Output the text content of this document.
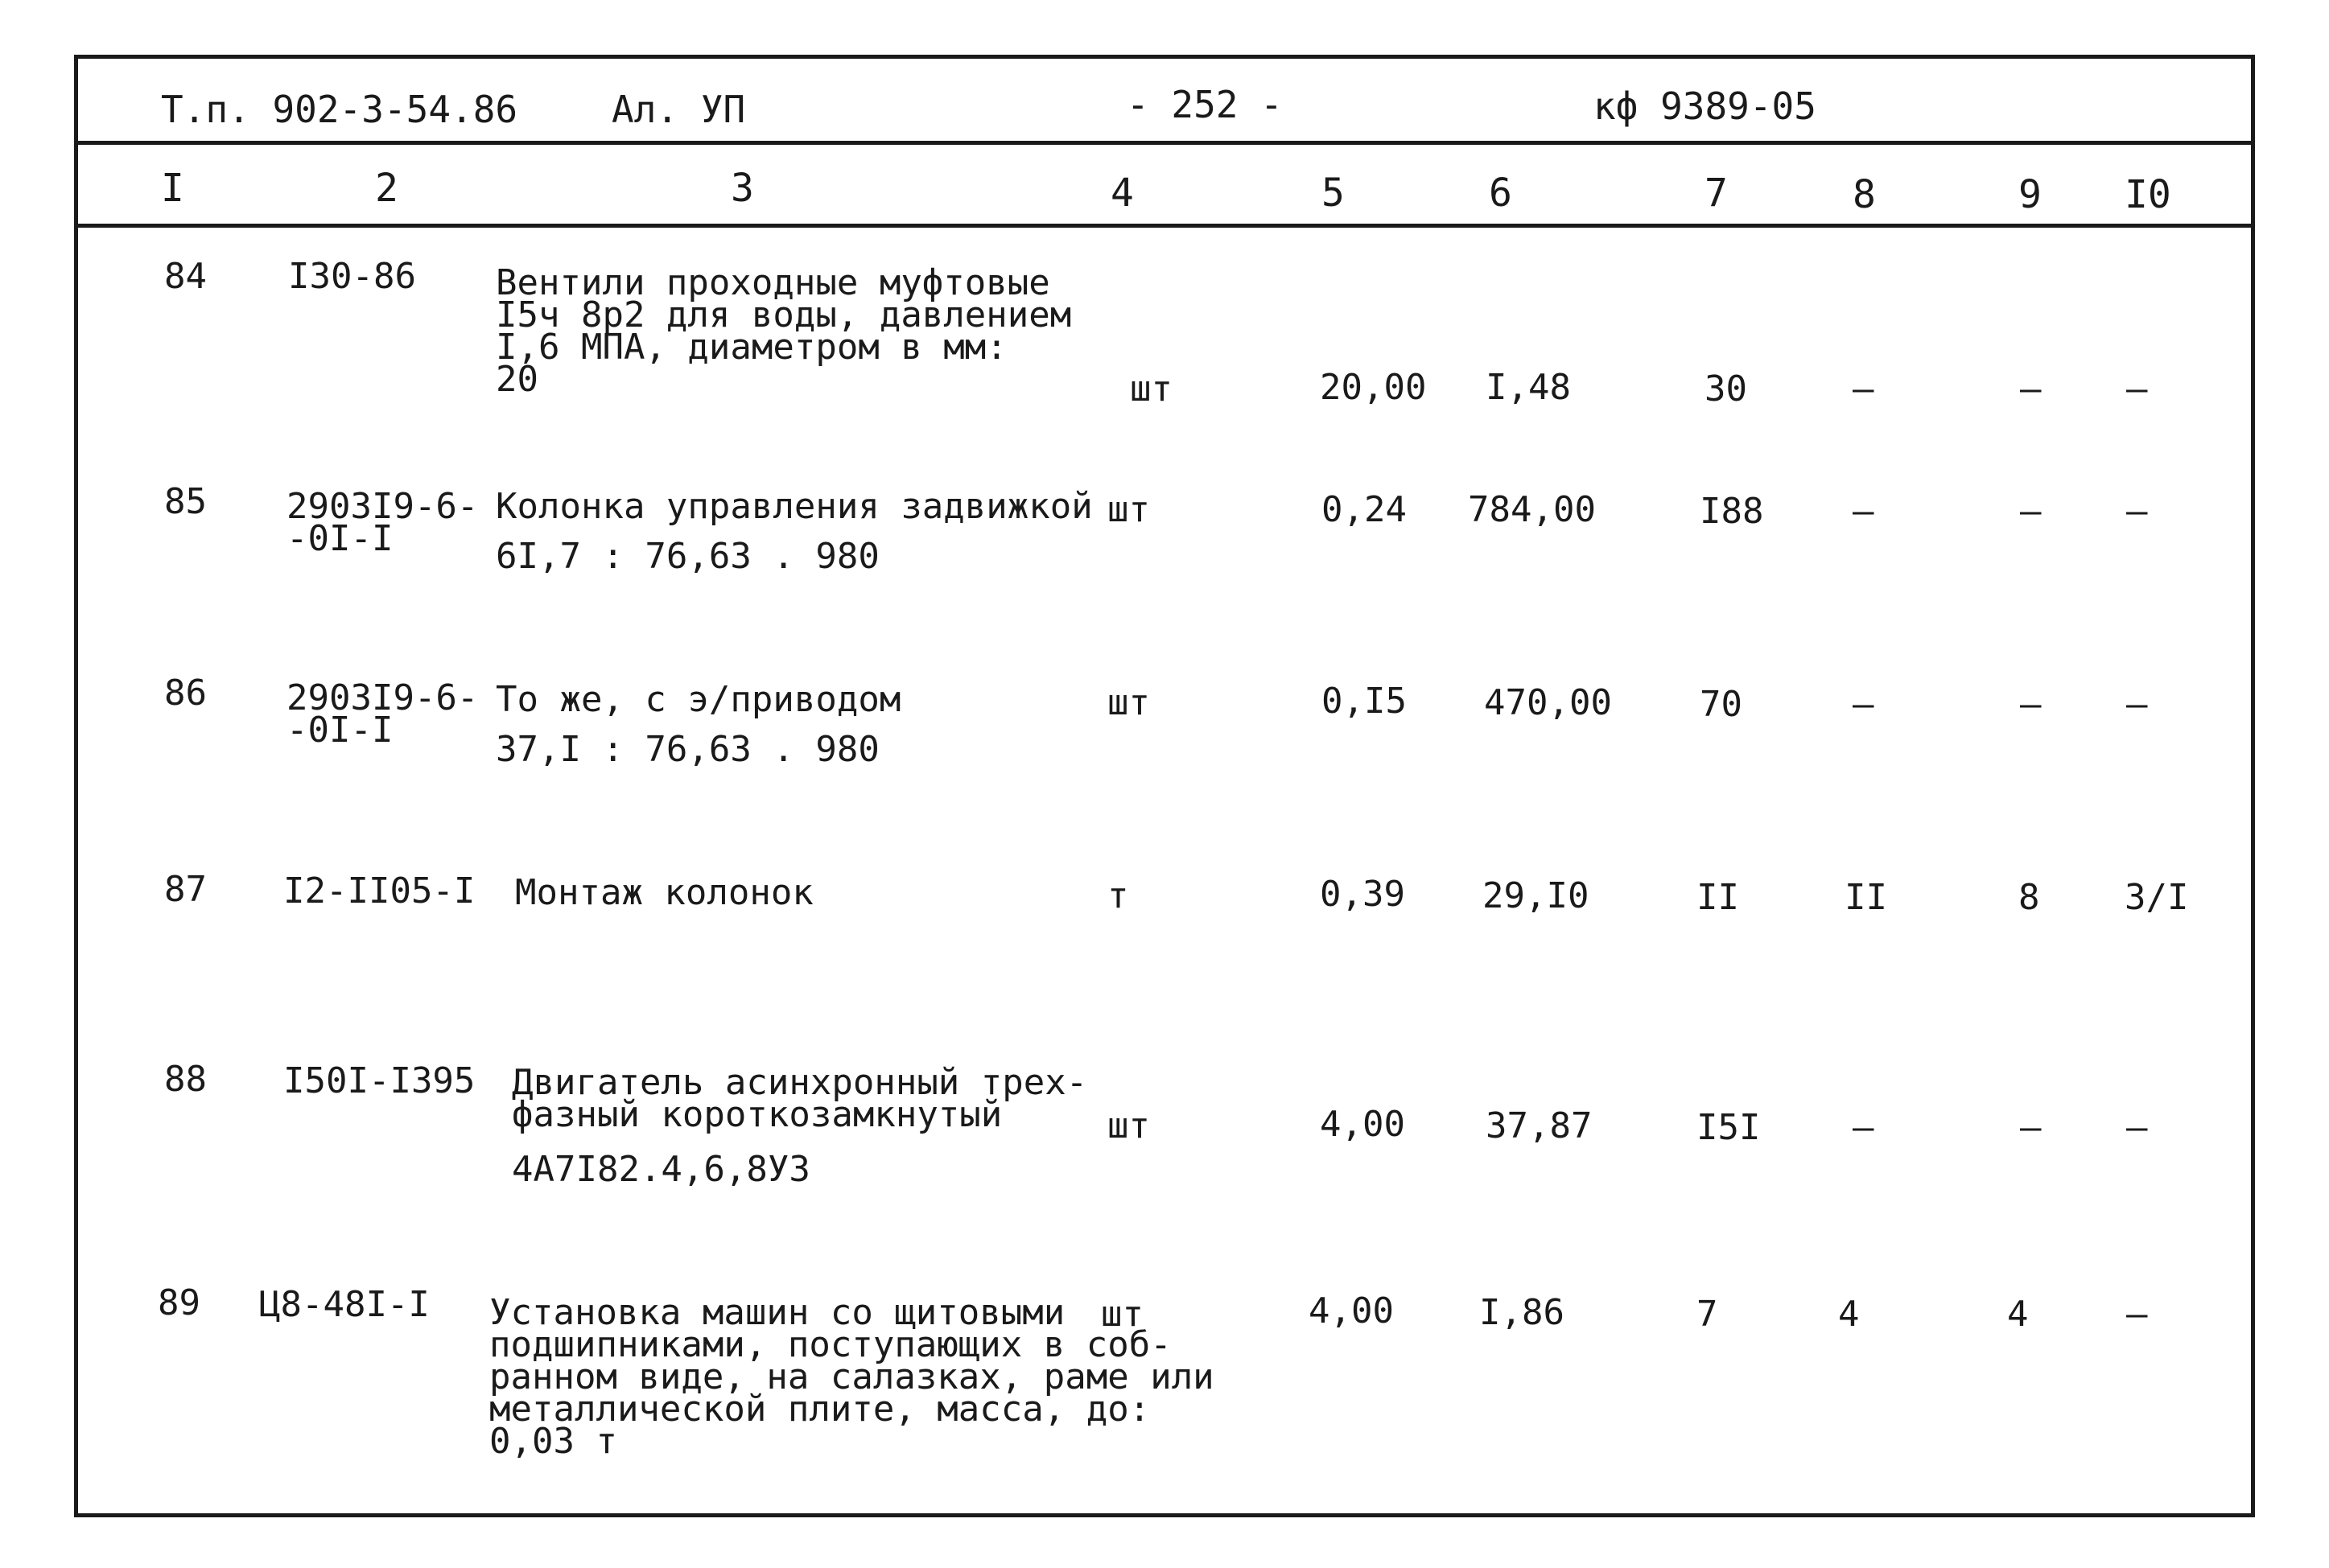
Т.п. 902-3-54.86	Ал. УП	- 252 -	кф 9389-05
I	2	3	4	5	6	7	8	9 I0
84 I30-86 Вентили проходные муфтовые
I5ч 8р2 для воды, давлением
I,6 МПА, диаметром в мм:
20	шт	20,00 I,48	30	–	– –
85 2903I9-6-
-0I-I
Колонка управления задвижкой
6I,7 : 76,63 . 980
шт	0,24 784,00	I88	–	– –
86 2903I9-6-
-0I-I
То же, с э/приводом
37,I : 76,63 . 980
шт	0,I5 470,00 70	–	– –
87 I2-II05-I Монтаж колонок	т	0,39 29,I0	II	II	8 3/I
88 I50I-I395 Двигатель асинхронный трех-
фазный короткозамкнутый
4А7I82.4,6,8У3
шт	4,00 37,87	I5I	–	– –
89 Ц8-48I-I Установка машин со щитовыми
подшипниками, поступающих в соб-
ранном виде, на салазках, раме или
металлической плите, масса, до:
0,03 т
шт	4,00 I,86	7	4	4	–
